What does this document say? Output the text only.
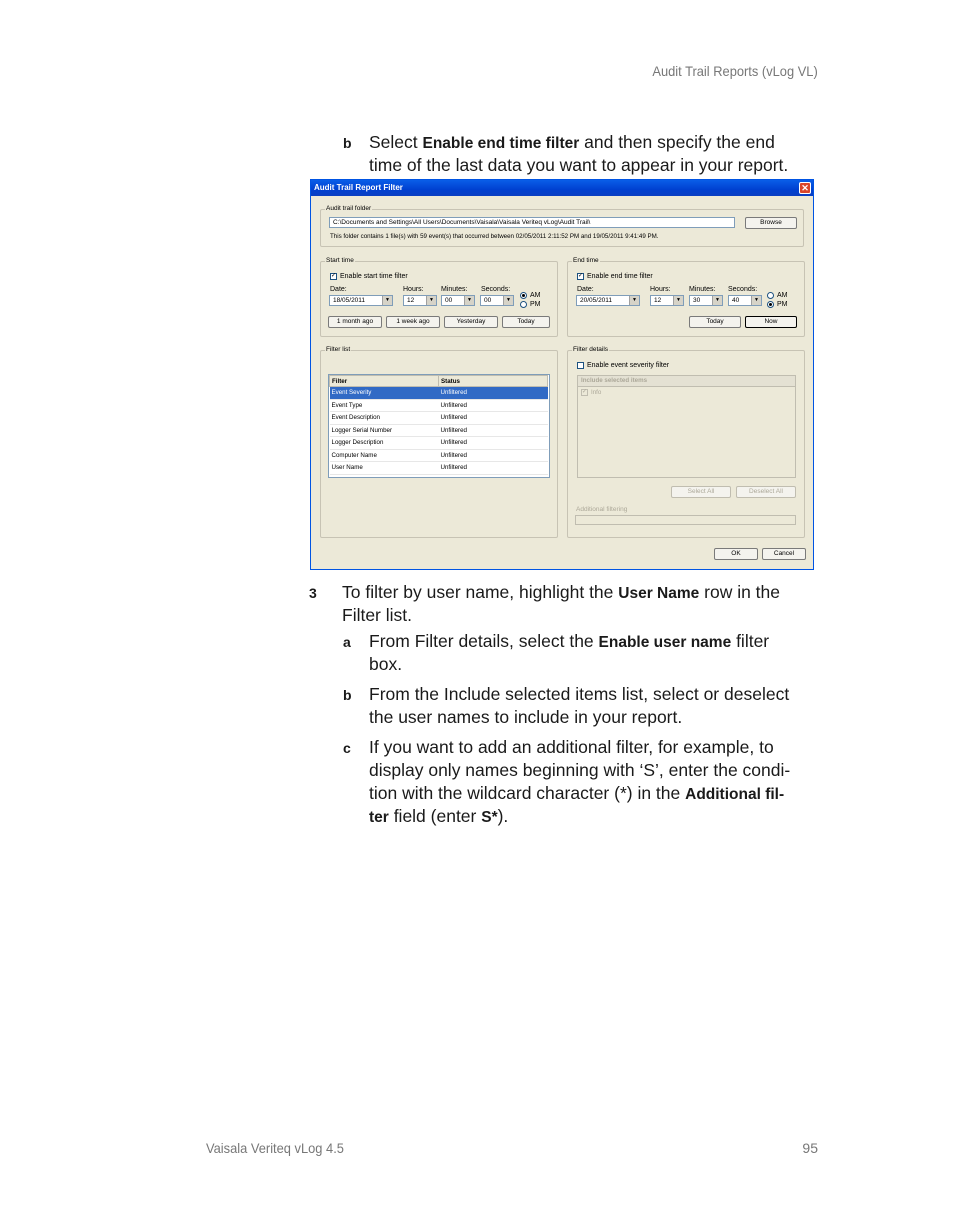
Audit Trail Reports (vLog VL)
b Select Enable end time filter and then specify the end
time of the last data you want to appear in your report.
Audit Trail Report Filter	✕
Audit trail folder
C:\Documents and Settings\All Users\Documents\Vaisala\Vaisala Veriteq vLog\Audit Trail\	Browse
This folder contains 1 file(s) with 59 event(s) that occurred between 02/05/2011 2:11:52 PM and 19/05/2011 9:41:49 PM.
Start time
✓ Enable start time filter
Date:	Hours: Minutes: Seconds:
18/05/2011	▼	12	▼	00	▼	00	▼
AM
PM
1 month ago	1 week ago	Yesterday	Today
End time
✓ Enable end time filter
Date:	Hours:	Minutes: Seconds:
20/05/2011	▼	12	▼	30	▼	40	▼
AM
PM
Today	Now
Filter list
Filter	Status
Event Severity	Unfiltered
Event Type	Unfiltered
Event Description	Unfiltered
Logger Serial Number	Unfiltered
Logger Description	Unfiltered
Computer Name	Unfiltered
User Name	Unfiltered
Filter details
Enable event severity filter
Include selected items
✓ Info
Select All	Deselect All
Additional filtering
OK	Cancel
3 To filter by user name, highlight the User Name row in the
Filter list.
a From Filter details, select the Enable user name filter
box.
b From the Include selected items list, select or deselect
the user names to include in your report.
c If you want to add an additional filter, for example, to
display only names beginning with ‘S’, enter the condi-
tion with the wildcard character (*) in the Additional fil-
ter field (enter S*).
Vaisala Veriteq vLog 4.5	95
